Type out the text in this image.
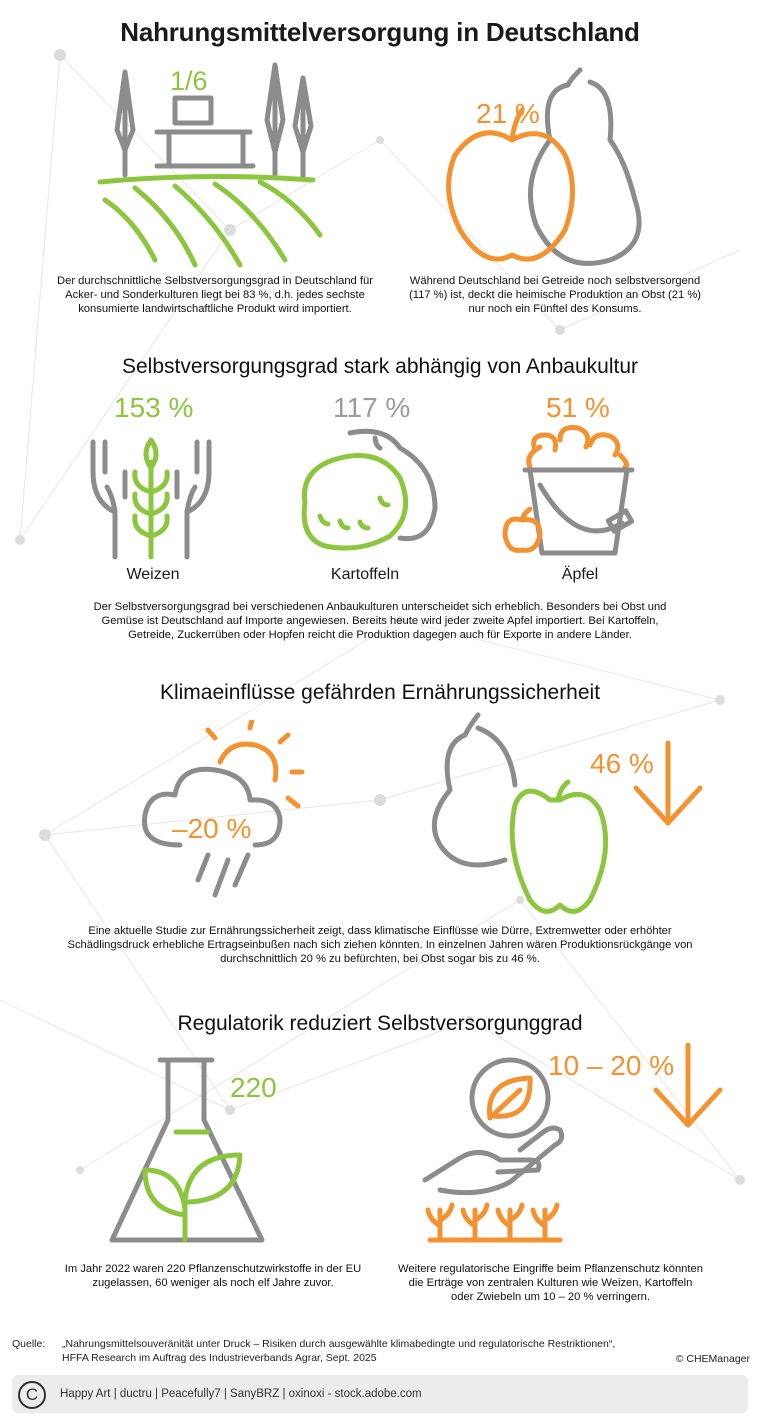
Nahrungsmittelversorgung in Deutschland
1/6
Der durchschnittliche Selbstversorgungsgrad in Deutschland für Acker- und Sonderkulturen liegt bei 83 %, d.h. jedes sechste konsumierte landwirtschaftliche Produkt wird importiert.
21 %
Während Deutschland bei Getreide noch selbstversorgend (117 %) ist, deckt die heimische Produktion an Obst (21 %) nur noch ein Fünftel des Konsums.
Selbstversorgungsgrad stark abhängig von Anbaukultur
153 %
Weizen
117 %
Kartoffeln
51 %
Äpfel
Der Selbstversorgungsgrad bei verschiedenen Anbaukulturen unterscheidet sich erheblich. Besonders bei Obst und Gemüse ist Deutschland auf Importe angewiesen. Bereits heute wird jeder zweite Apfel importiert. Bei Kartoffeln, Getreide, Zuckerrüben oder Hopfen reicht die Produktion dagegen auch für Exporte in andere Länder.
Klimaeinflüsse gefährden Ernährungssicherheit
–20 %
46 %
Eine aktuelle Studie zur Ernährungssicherheit zeigt, dass klimatische Einflüsse wie Dürre, Extremwetter oder erhöhter Schädlingsdruck erhebliche Ertragseinbußen nach sich ziehen könnten. In einzelnen Jahren wären Produktionsrückgänge von durchschnittlich 20 % zu befürchten, bei Obst sogar bis zu 46 %.
Regulatorik reduziert Selbstversorgunggrad
220
10 – 20 %
Im Jahr 2022 waren 220 Pflanzenschutzwirkstoffe in der EU zugelassen, 60 weniger als noch elf Jahre zuvor.
Weitere regulatorische Eingriffe beim Pflanzenschutz könnten die Erträge von zentralen Kulturen wie Weizen, Kartoffeln oder Zwiebeln um 10 – 20 % verringern.
Quelle: „Nahrungsmittelsouveränität unter Druck – Risiken durch ausgewählte klimabedingte und regulatorische Restriktionen“,
HFFA Research im Auftrag des Industrieverbands Agrar, Sept. 2025	© CHEManager
C	Happy Art | ductru | Peacefully7 | SanyBRZ | oxinoxi - stock.adobe.com
